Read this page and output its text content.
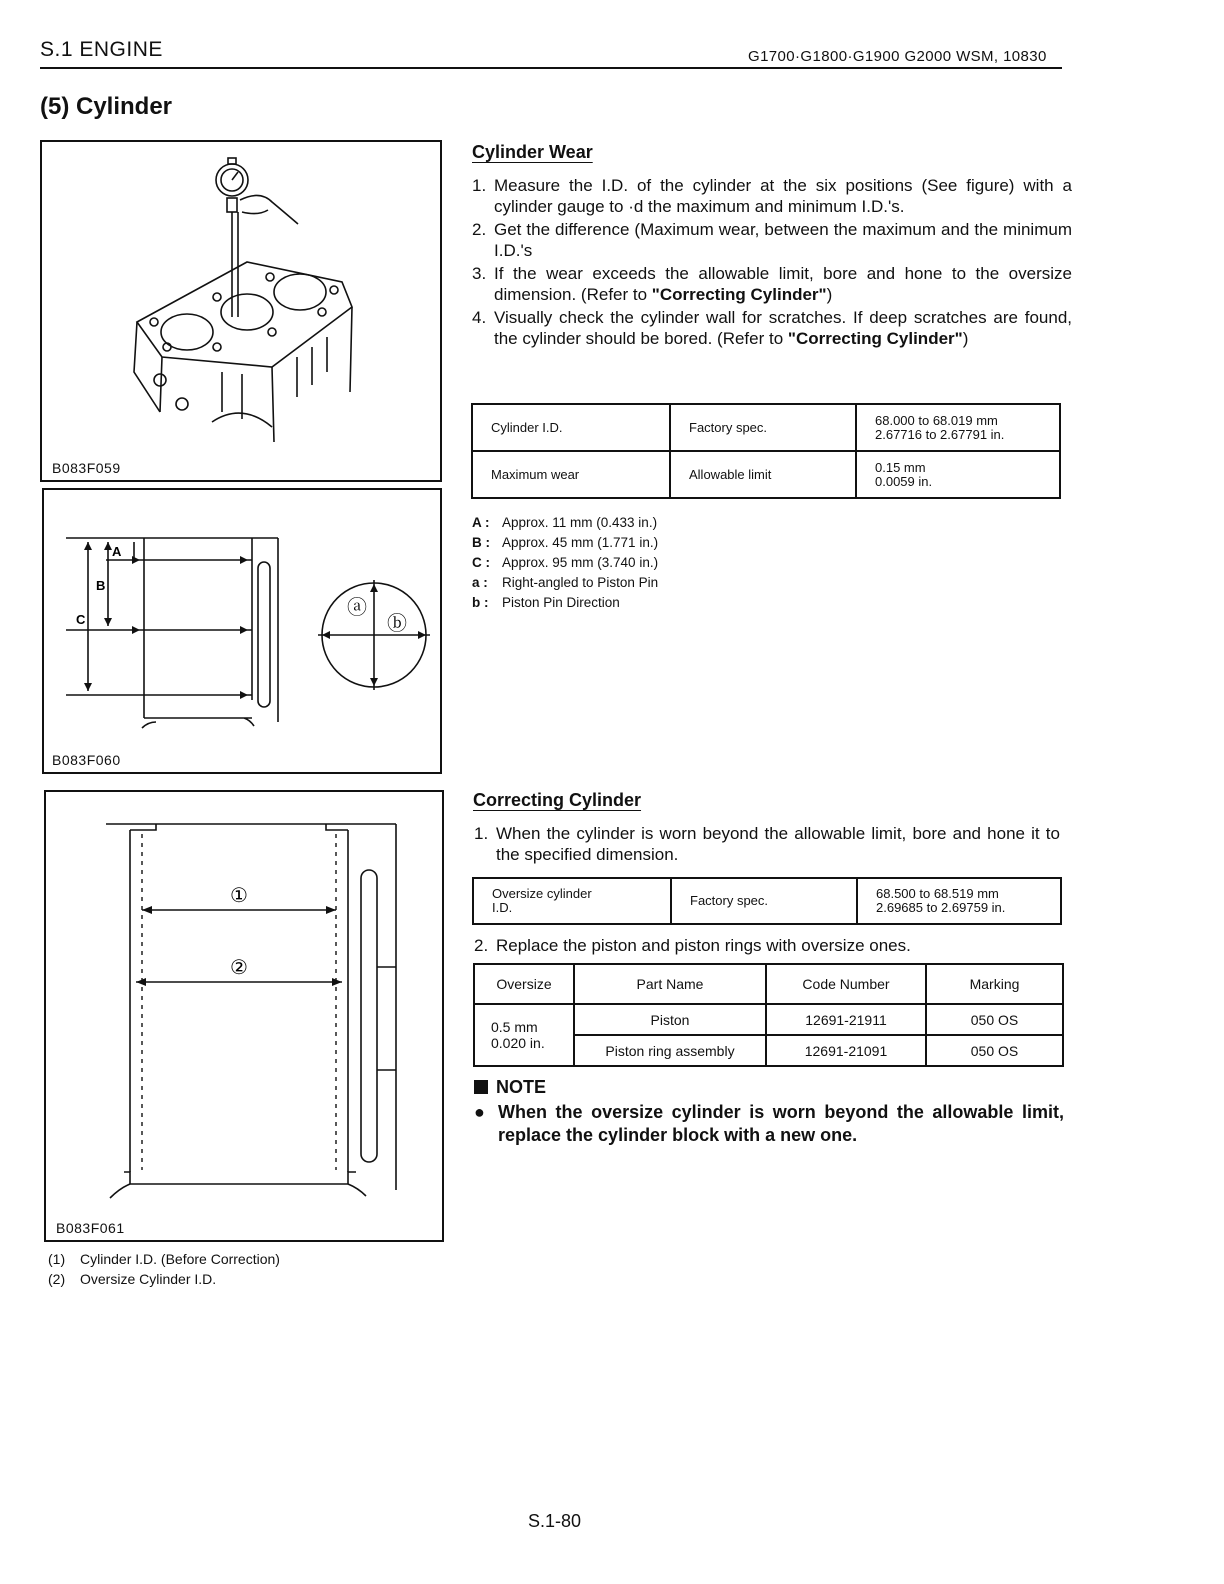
S.1 ENGINE	G1700·G1800·G1900 G2000 WSM, 10830
(5) Cylinder
B083F059
A
B
C
ⓐ
ⓑ
B083F060
①
②
B083F061
(1) Cylinder I.D. (Before Correction)
(2) Oversize Cylinder I.D.
Cylinder Wear
1. Measure the I.D. of the cylinder at the six positions (See figure) with a cylinder gauge to ·d the maximum and minimum I.D.'s.
2. Get the difference (Maximum wear, between the maximum and the minimum I.D.'s
3. If the wear exceeds the allowable limit, bore and hone to the oversize dimension. (Refer to "Correcting Cylinder")
4. Visually check the cylinder wall for scratches. If deep scratches are found, the cylinder should be bored. (Refer to "Correcting Cylinder")
Cylinder I.D.	Factory spec.	68.000 to 68.019 mm
2.67716 to 2.67791 in.

Maximum wear	Allowable limit	0.15 mm
0.0059 in.
A : Approx. 11 mm (0.433 in.)
B : Approx. 45 mm (1.771 in.)
C : Approx. 95 mm (3.740 in.)
a : Right-angled to Piston Pin
b : Piston Pin Direction
Correcting Cylinder
1. When the cylinder is worn beyond the allowable limit, bore and hone it to the specified dimension.
Oversize cylinder
I.D.	Factory spec.	68.500 to 68.519 mm
2.69685 to 2.69759 in.
2. Replace the piston and piston rings with oversize ones.
Oversize	Part Name	Code Number	Marking

0.5 mm
0.020 in.	Piston	12691-21911	050 OS
	Piston ring assembly	12691-21091	050 OS
NOTE
● When the oversize cylinder is worn beyond the allowable limit, replace the cylinder block with a new one.
S.1-80
